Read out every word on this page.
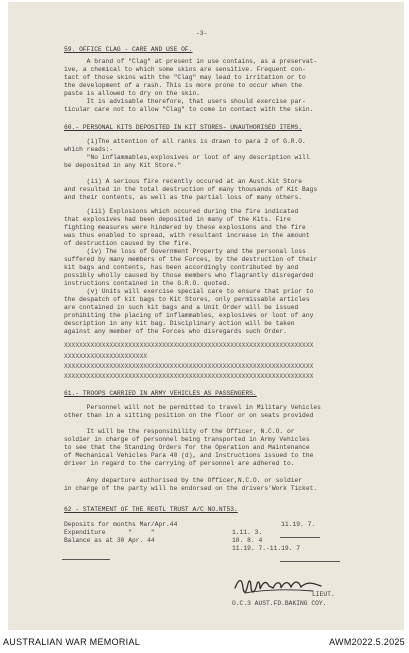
-3-

59. OFFICE CLAG - CARE AND USE OF.

A brand of "Clag" at present in use contains, as a preservat-
ive, a chemical to which some skins are sensitive. Frequent con-
tact of those skins with the "Clag" may lead to irritation or to
the development of a rash. This is more prone to occur when the
paste is allowed to dry on the skin.
It is advisable therefore, that users should exercise par-
ticular care not to allow "Clag" to come in contact with the skin.

60.- PERSONAL KITS DEPOSITED IN KIT STORES- UNAUTHORISED ITEMS.

(i)The attention of all ranks is drawn to para 2 of G.R.O.
which reads:-
"No inflammables,explosives or loot of any description will
be deposited in any Kit Store."

(ii) A serious fire recently occured at an Aust.Kit Store
and resulted in the total destruction of many thousands of Kit Bags
and their contents, as well as the partial loss of many others.

(iii) Explosions which occured during the fire indicated
that explosives had been deposited in many of the Kits. Fire
fighting measures were hindered by these explosions and the fire
was thus enabled to spread, with resultant increase in the amount
of destruction caused by the fire.
(iv) The loss of Government Property and the personal loss
suffered by many members of the Forces, by the destruction of their
kit bags and contents, has been accordingly contributed by and
possibly wholly caused by those members who flagrantly disregarded
instructions contained in the G.R.O. quoted.
(v) Units will exercise special care to ensure that prior to
the despatch of kit bags to Kit Stores, only permissable articles
are contained in such kit bags and a Unit Order will be issued
prohibiting the placing of inflammables, explosives or loot of any
description in any kit bag. Disciplinary action will be taken
against any member of the Forces who disregards such Order.

XXXXXXXXXXXXXXXXXXXXXXXXXXXXXXXXXXXXXXXXXXXXXXXXXXXXXXXXXXXXXXXXXX

XXXXXXXXXXXXXXXXXXXXXX

XXXXXXXXXXXXXXXXXXXXXXXXXXXXXXXXXXXXXXXXXXXXXXXXXXXXXXXXXXXXXXXXXX

XXXXXXXXXXXXXXXXXXXXXXXXXXXXXXXXXXXXXXXXXXXXXXXXXXXXXXXXXXXXXXXXXX

61.- TROOPS CARRIED IN ARMY VEHICLES AS PASSENGERS.

Personnel will not be permitted to travel in Military Vehicles
other than in a sitting position on the floor or on seats provided

It will be the responsibility of the Officer, N.C.O. or
soldier in charge of personnel being transported in Army Vehicles
to see that the Standing Orders for the Operation and Maintenance
of Mechanical Vehicles Para 40 (d), and Instructions issued to the
driver in regard to the carrying of personnel are adhered to.

Any departure authorised by the Officer,N.C.O. or soldier
in charge of the party will be endorsed on the drivers'Work Ticket.

62 - STATEMENT OF THE REGTL TRUST A/C NO.NT53.

Deposits for months Mar/Apr.44
Expenditure      "     "
Balance as at 30 Apr. 44

11.19. 7.
1.11. 3.
10. 8. 4
11.19. 7.-11.19. 7

LIEUT.

O.C.3 AUST.FD.BAKING COY.

AUSTRALIAN WAR MEMORIAL	AWM2022.5.2025
